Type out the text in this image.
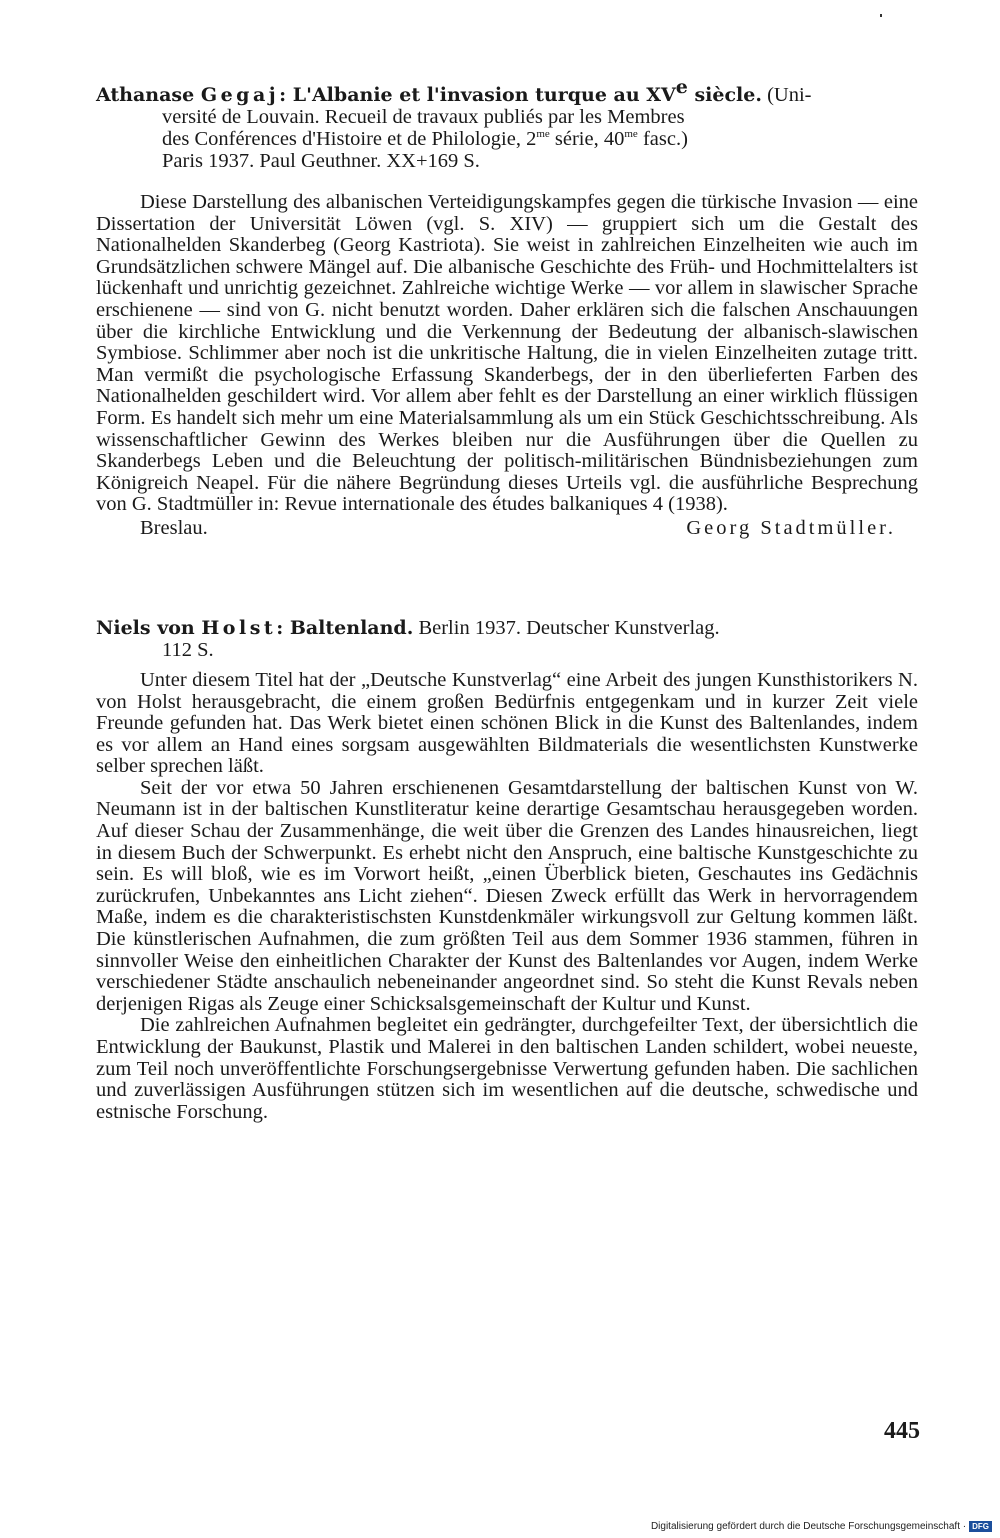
Athanase Gegaj: L'Albanie et l'invasion turque au XVe siècle. (Uni-
versité de Louvain. Recueil de travaux publiés par les Membres
des Conférences d'Histoire et de Philologie, $2^{me}$ série, $40^{me}$ fasc.)
Paris 1937. Paul Geuthner. XX+169 S.

Diese Darstellung des albanischen Verteidigungskampfes gegen die türkische Invasion — eine Dissertation der Universität Löwen (vgl. S. XIV) — gruppiert sich um die Gestalt des Nationalhelden Skanderbeg (Georg Kastriota). Sie weist in zahlreichen Einzelheiten wie auch im Grundsätzlichen schwere Mängel auf. Die albanische Geschichte des Früh- und Hochmittelalters ist lückenhaft und unrichtig gezeichnet. Zahlreiche wichtige Werke — vor allem in slawischer Sprache erschienene — sind von G. nicht benutzt worden. Daher erklären sich die falschen Anschauungen über die kirchliche Entwicklung und die Verkennung der Bedeutung der albanisch-slawischen Symbiose. Schlimmer aber noch ist die unkritische Haltung, die in vielen Einzelheiten zutage tritt. Man vermißt die psychologische Erfassung Skanderbegs, der in den überlieferten Farben des Nationalhelden geschildert wird. Vor allem aber fehlt es der Darstellung an einer wirklich flüssigen Form. Es handelt sich mehr um eine Materialsammlung als um ein Stück Geschichtsschreibung. Als wissenschaftlicher Gewinn des Werkes bleiben nur die Ausführungen über die Quellen zu Skanderbegs Leben und die Beleuchtung der politisch-militärischen Bündnisbeziehungen zum Königreich Neapel. Für die nähere Begründung dieses Urteils vgl. die ausführliche Besprechung von G. Stadtmüller in: Revue internationale des études balkaniques 4 (1938).

Breslau.	Georg Stadtmüller.
Niels von Holst: Baltenland. Berlin 1937. Deutscher Kunstverlag.
112 S.

Unter diesem Titel hat der „Deutsche Kunstverlag“ eine Arbeit des jungen Kunsthistorikers N. von Holst herausgebracht, die einem großen Bedürfnis entgegenkam und in kurzer Zeit viele Freunde gefunden hat. Das Werk bietet einen schönen Blick in die Kunst des Baltenlandes, indem es vor allem an Hand eines sorgsam ausgewählten Bildmaterials die wesentlichsten Kunstwerke selber sprechen läßt.

Seit der vor etwa 50 Jahren erschienenen Gesamtdarstellung der baltischen Kunst von W. Neumann ist in der baltischen Kunstliteratur keine derartige Gesamtschau herausgegeben worden. Auf dieser Schau der Zusammenhänge, die weit über die Grenzen des Landes hinausreichen, liegt in diesem Buch der Schwerpunkt. Es erhebt nicht den Anspruch, eine baltische Kunstgeschichte zu sein. Es will bloß, wie es im Vorwort heißt, „einen Überblick bieten, Geschautes ins Gedächnis zurückrufen, Unbekanntes ans Licht ziehen“. Diesen Zweck erfüllt das Werk in hervorragendem Maße, indem es die charakteristischsten Kunstdenkmäler wirkungsvoll zur Geltung kommen läßt. Die künstlerischen Aufnahmen, die zum größten Teil aus dem Sommer 1936 stammen, führen in sinnvoller Weise den einheitlichen Charakter der Kunst des Baltenlandes vor Augen, indem Werke verschiedener Städte anschaulich nebeneinander angeordnet sind. So steht die Kunst Revals neben derjenigen Rigas als Zeuge einer Schicksalsgemeinschaft der Kultur und Kunst.

Die zahlreichen Aufnahmen begleitet ein gedrängter, durchgefeilter Text, der übersichtlich die Entwicklung der Baukunst, Plastik und Malerei in den baltischen Landen schildert, wobei neueste, zum Teil noch unveröffentlichte Forschungsergebnisse Verwertung gefunden haben. Die sachlichen und zuverlässigen Ausführungen stützen sich im wesentlichen auf die deutsche, schwedische und estnische Forschung.

445
Digitalisierung gefördert durch die Deutsche Forschungsgemeinschaft · DFG
